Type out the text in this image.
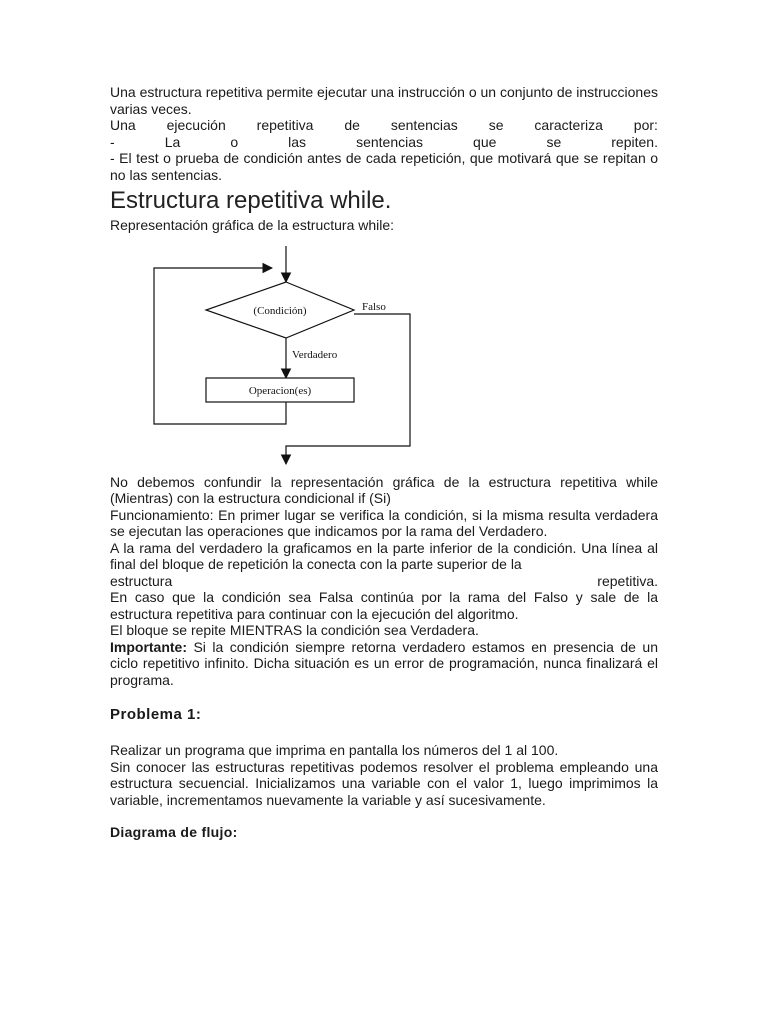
Una estructura repetitiva permite ejecutar una instrucción o un conjunto de instrucciones varias veces.

Una ejecución repetitiva de sentencias se caracteriza por:
-	La	o	las	sentencias	que	se	repiten.

- El test o prueba de condición antes de cada repetición, que motivará que se repitan o no las sentencias.

Estructura repetitiva while.

Representación gráfica de la estructura while:

(Condición)	Falso
Verdadero
Operacion(es)

No debemos confundir la representación gráfica de la estructura repetitiva while (Mientras) con la estructura condicional if (Si)

Funcionamiento: En primer lugar se verifica la condición, si la misma resulta verdadera se ejecutan las operaciones que indicamos por la rama del Verdadero.

A la rama del verdadero la graficamos en la parte inferior de la condición. Una línea al final del bloque de repetición la conecta con la parte superior de la

estructura	repetitiva.

En caso que la condición sea Falsa continúa por la rama del Falso y sale de la estructura repetitiva para continuar con la ejecución del algoritmo.

El bloque se repite MIENTRAS la condición sea Verdadera.

Importante: Si la condición siempre retorna verdadero estamos en presencia de un ciclo repetitivo infinito. Dicha situación es un error de programación, nunca finalizará el programa.

Problema 1:

Realizar un programa que imprima en pantalla los números del 1 al 100.

Sin conocer las estructuras repetitivas podemos resolver el problema empleando una estructura secuencial. Inicializamos una variable con el valor 1, luego imprimimos la variable, incrementamos nuevamente la variable y así sucesivamente.

Diagrama de flujo:
